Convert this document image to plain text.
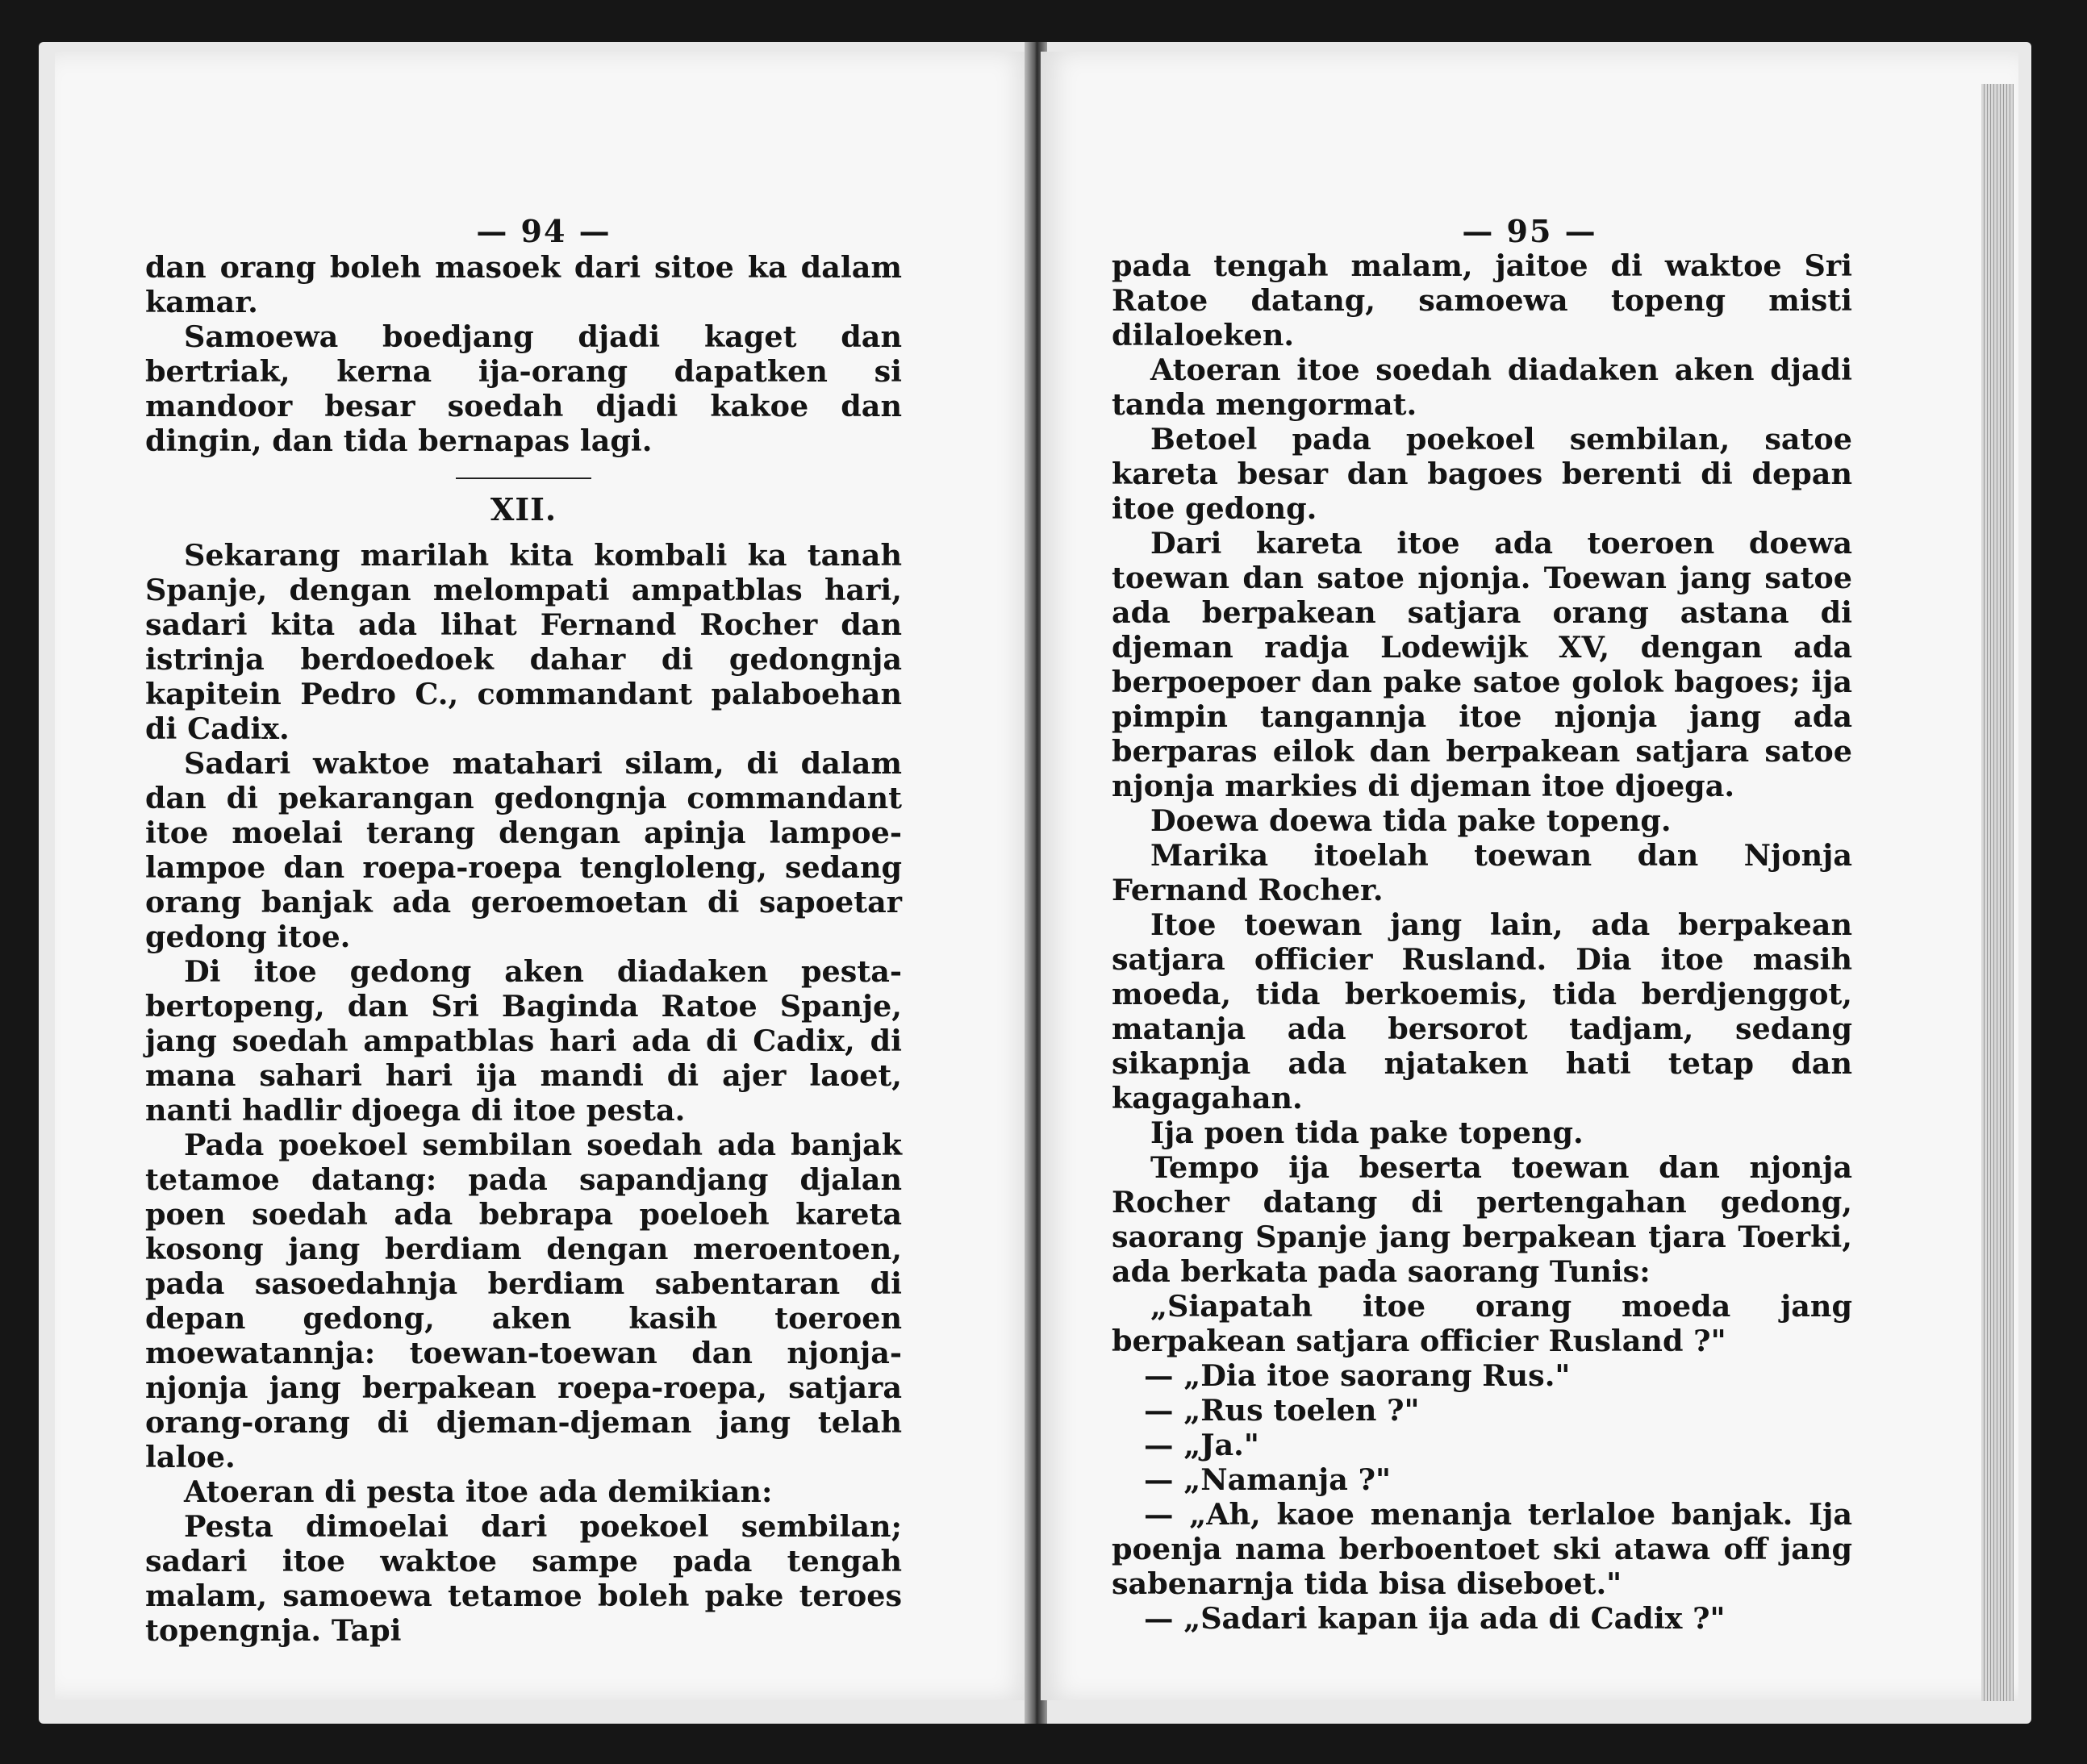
— 94 —

dan orang boleh masoek dari sitoe ka dalam kamar.

Samoewa boedjang djadi kaget dan bertriak, kerna ija-orang dapatken si mandoor besar soedah djadi kakoe dan dingin, dan tida bernapas lagi.

XII.

Sekarang marilah kita kombali ka tanah Spanje, dengan melompati ampatblas hari, sadari kita ada lihat Fernand Rocher dan istrinja berdoedoek dahar di gedongnja kapitein Pedro C., commandant palaboehan di Cadix.

Sadari waktoe matahari silam, di dalam dan di pekarangan gedongnja commandant itoe moelai terang dengan apinja lampoe-lampoe dan roepa-roepa tengloleng, sedang orang banjak ada geroemoetan di sapoetar gedong itoe.

Di itoe gedong aken diadaken pesta-bertopeng, dan Sri Baginda Ratoe Spanje, jang soedah ampatblas hari ada di Cadix, di mana sahari hari ija mandi di ajer laoet, nanti hadlir djoega di itoe pesta.

Pada poekoel sembilan soedah ada banjak tetamoe datang: pada sapandjang djalan poen soedah ada bebrapa poeloeh kareta kosong jang berdiam dengan meroentoen, pada sasoedahnja berdiam sabentaran di depan gedong, aken kasih toeroen moewatannja: toewan-toewan dan njonja-njonja jang berpakean roepa-roepa, satjara orang-orang di djeman-djeman jang telah laloe.

Atoeran di pesta itoe ada demikian:

Pesta dimoelai dari poekoel sembilan; sadari itoe waktoe sampe pada tengah malam, samoewa tetamoe boleh pake teroes topengnja. Tapi

— 95 —

pada tengah malam, jaitoe di waktoe Sri Ratoe datang, samoewa topeng misti dilaloeken.

Atoeran itoe soedah diadaken aken djadi tanda mengormat.

Betoel pada poekoel sembilan, satoe kareta besar dan bagoes berenti di depan itoe gedong.

Dari kareta itoe ada toeroen doewa toewan dan satoe njonja. Toewan jang satoe ada berpakean satjara orang astana di djeman radja Lodewijk XV, dengan ada berpoepoer dan pake satoe golok bagoes; ija pimpin tangannja itoe njonja jang ada berparas eilok dan berpakean satjara satoe njonja markies di djeman itoe djoega.

Doewa doewa tida pake topeng.

Marika itoelah toewan dan Njonja Fernand Rocher.

Itoe toewan jang lain, ada berpakean satjara officier Rusland. Dia itoe masih moeda, tida berkoemis, tida berdjenggot, matanja ada bersorot tadjam, sedang sikapnja ada njataken hati tetap dan kagagahan.

Ija poen tida pake topeng.

Tempo ija beserta toewan dan njonja Rocher datang di pertengahan gedong, saorang Spanje jang berpakean tjara Toerki, ada berkata pada saorang Tunis:

„Siapatah itoe orang moeda jang berpakean satjara officier Rusland ?"

— „Dia itoe saorang Rus."

— „Rus toelen ?"

— „Ja."

— „Namanja ?"

— „Ah, kaoe menanja terlaloe banjak. Ija poenja nama berboentoet ski atawa off jang sabenarnja tida bisa diseboet."

— „Sadari kapan ija ada di Cadix ?"
